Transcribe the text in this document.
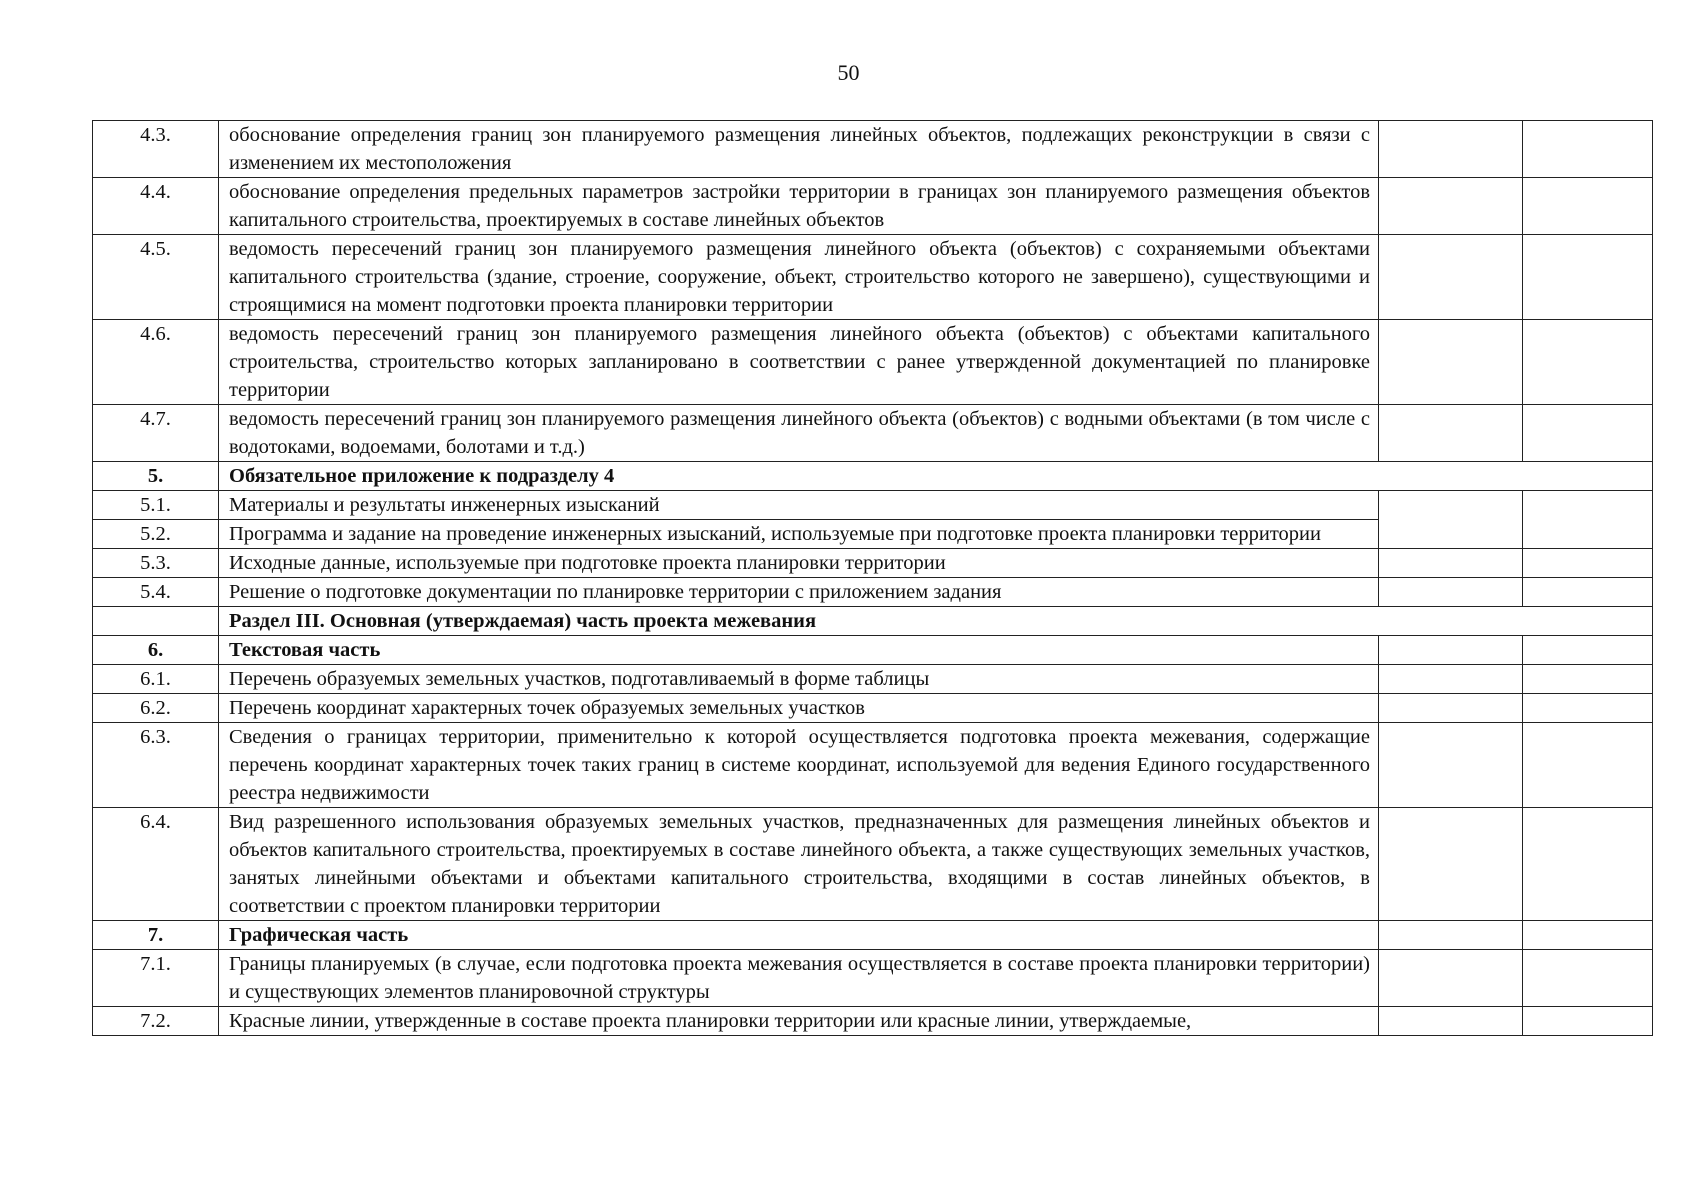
50
4.3.	обоснование определения границ зон планируемого размещения линейных объектов, подлежащих реконструкции в связи с изменением их местоположения		
4.4.	обоснование определения предельных параметров застройки территории в границах зон планируемого размещения объектов капитального строительства, проектируемых в составе линейных объектов		
4.5.	ведомость пересечений границ зон планируемого размещения линейного объекта (объектов) с сохраняемыми объектами капитального строительства (здание, строение, сооружение, объект, строительство которого не завершено), существующими и строящимися на момент подготовки проекта планировки территории		
4.6.	ведомость пересечений границ зон планируемого размещения линейного объекта (объектов) с объектами капитального строительства, строительство которых запланировано в соответствии с ранее утвержденной документацией по планировке территории		
4.7.	ведомость пересечений границ зон планируемого размещения линейного объекта (объектов) с водными объектами (в том числе с водотоками, водоемами, болотами и т.д.)		
5.	Обязательное приложение к подразделу 4		
5.1.	Материалы и результаты инженерных изысканий		
5.2.	Программа и задание на проведение инженерных изысканий, используемые при подготовке проекта планировки территории		
5.3.	Исходные данные, используемые при подготовке проекта планировки территории		
5.4.	Решение о подготовке документации по планировке территории с приложением задания		
	Раздел III. Основная (утверждаемая) часть проекта межевания		
6.	Текстовая часть		
6.1.	Перечень образуемых земельных участков, подготавливаемый в форме таблицы		
6.2.	Перечень координат характерных точек образуемых земельных участков		
6.3.	Сведения о границах территории, применительно к которой осуществляется подготовка проекта межевания, содержащие перечень координат характерных точек таких границ в системе координат, используемой для ведения Единого государственного реестра недвижимости		
6.4.	Вид разрешенного использования образуемых земельных участков, предназначенных для размещения линейных объектов и объектов капитального строительства, проектируемых в составе линейного объекта, а также существующих земельных участков, занятых линейными объектами и объектами капитального строительства, входящими в состав линейных объектов, в соответствии с проектом планировки территории		
7.	Графическая часть		
7.1.	Границы планируемых (в случае, если подготовка проекта межевания осуществляется в составе проекта планировки территории) и существующих элементов планировочной структуры		
7.2.	Красные линии, утвержденные в составе проекта планировки территории или красные линии, утверждаемые,		
